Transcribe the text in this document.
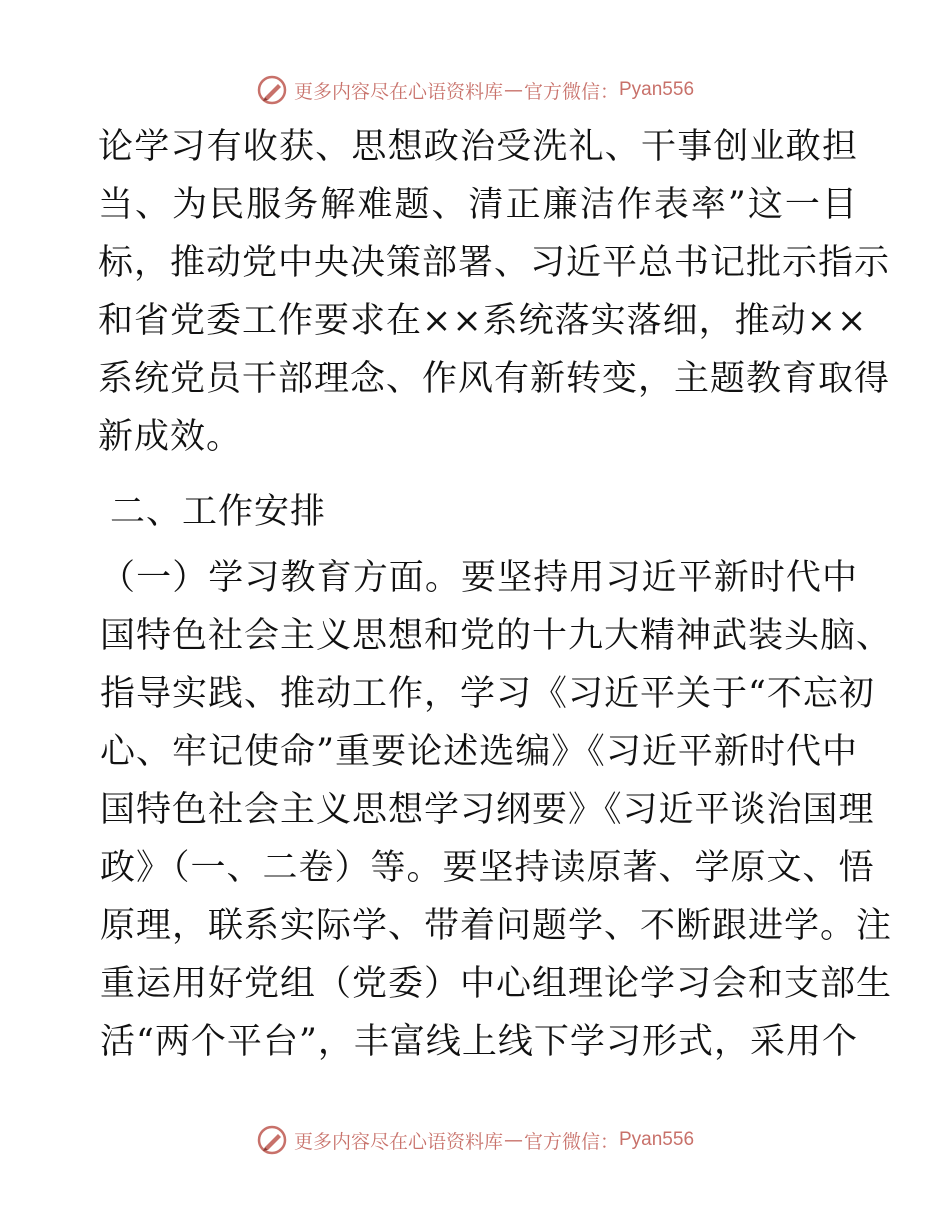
更多内容尽在心语资料库 — 官方微信： Pyan556
论学习有收获、思想政治受洗礼、干事创业敢担
当、为民服务解难题、清正廉洁作表率”这一目
标，推动党中央决策部署、习近平总书记批示指示
和省党委工作要求在××系统落实落细，推动××
系统党员干部理念、作风有新转变，主题教育取得
新成效。
二、工作安排
（一）学习教育方面。要坚持用习近平新时代中
国特色社会主义思想和党的十九大精神武装头脑、
指导实践、推动工作，学习《习近平关于“不忘初
心、牢记使命”重要论述选编》《习近平新时代中
国特色社会主义思想学习纲要》《习近平谈治国理
政》（一、二卷）等。要坚持读原著、学原文、悟
原理，联系实际学、带着问题学、不断跟进学。注
重运用好党组（党委）中心组理论学习会和支部生
活“两个平台”，丰富线上线下学习形式，采用个
更多内容尽在心语资料库 — 官方微信： Pyan556
